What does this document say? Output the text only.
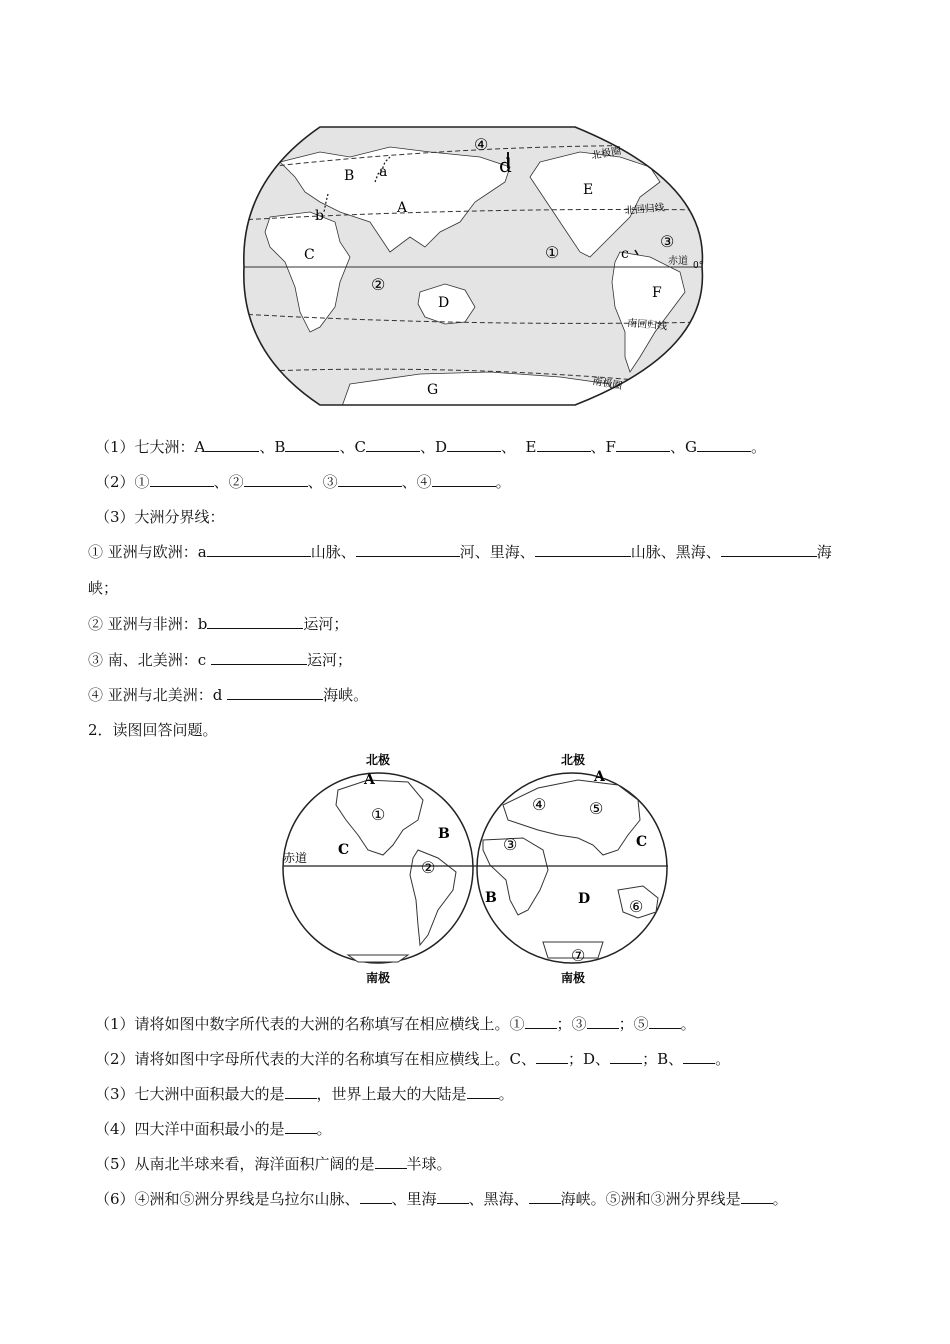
A
B
C
D
E
F
G
①
②
③
④
a
b
c
d	北极圈
北回归线
赤道 0°
南回归线
南极圈
（1）七大洲：A	、B	、C	、D	、 E	、F	、G	。
（2）①	、②	、③	、④	。
（3）大洲分界线：
① 亚洲与欧洲：a	山脉、	河、里海、	山脉、黑海、	海
峡；
② 亚洲与非洲：b	运河；
③ 南、北美洲：c	运河；
④ 亚洲与北美洲：d	海峡。
2．读图回答问题。
北极	北极
南极	南极
赤道
A
B
C
①
②
A
B
C
D
③
④	⑤
⑥
⑦
（1）请将如图中数字所代表的大洲的名称填写在相应横线上。① ；③ ；⑤ 。
（2）请将如图中字母所代表的大洋的名称填写在相应横线上。C、 ；D、 ；B、 。
（3）七大洲中面积最大的是 ，世界上最大的大陆是 。
（4）四大洋中面积最小的是 。
（5）从南北半球来看，海洋面积广阔的是 半球。
（6）④洲和⑤洲分界线是乌拉尔山脉、 、里海 、黑海、 海峡。⑤洲和③洲分界线是 。
